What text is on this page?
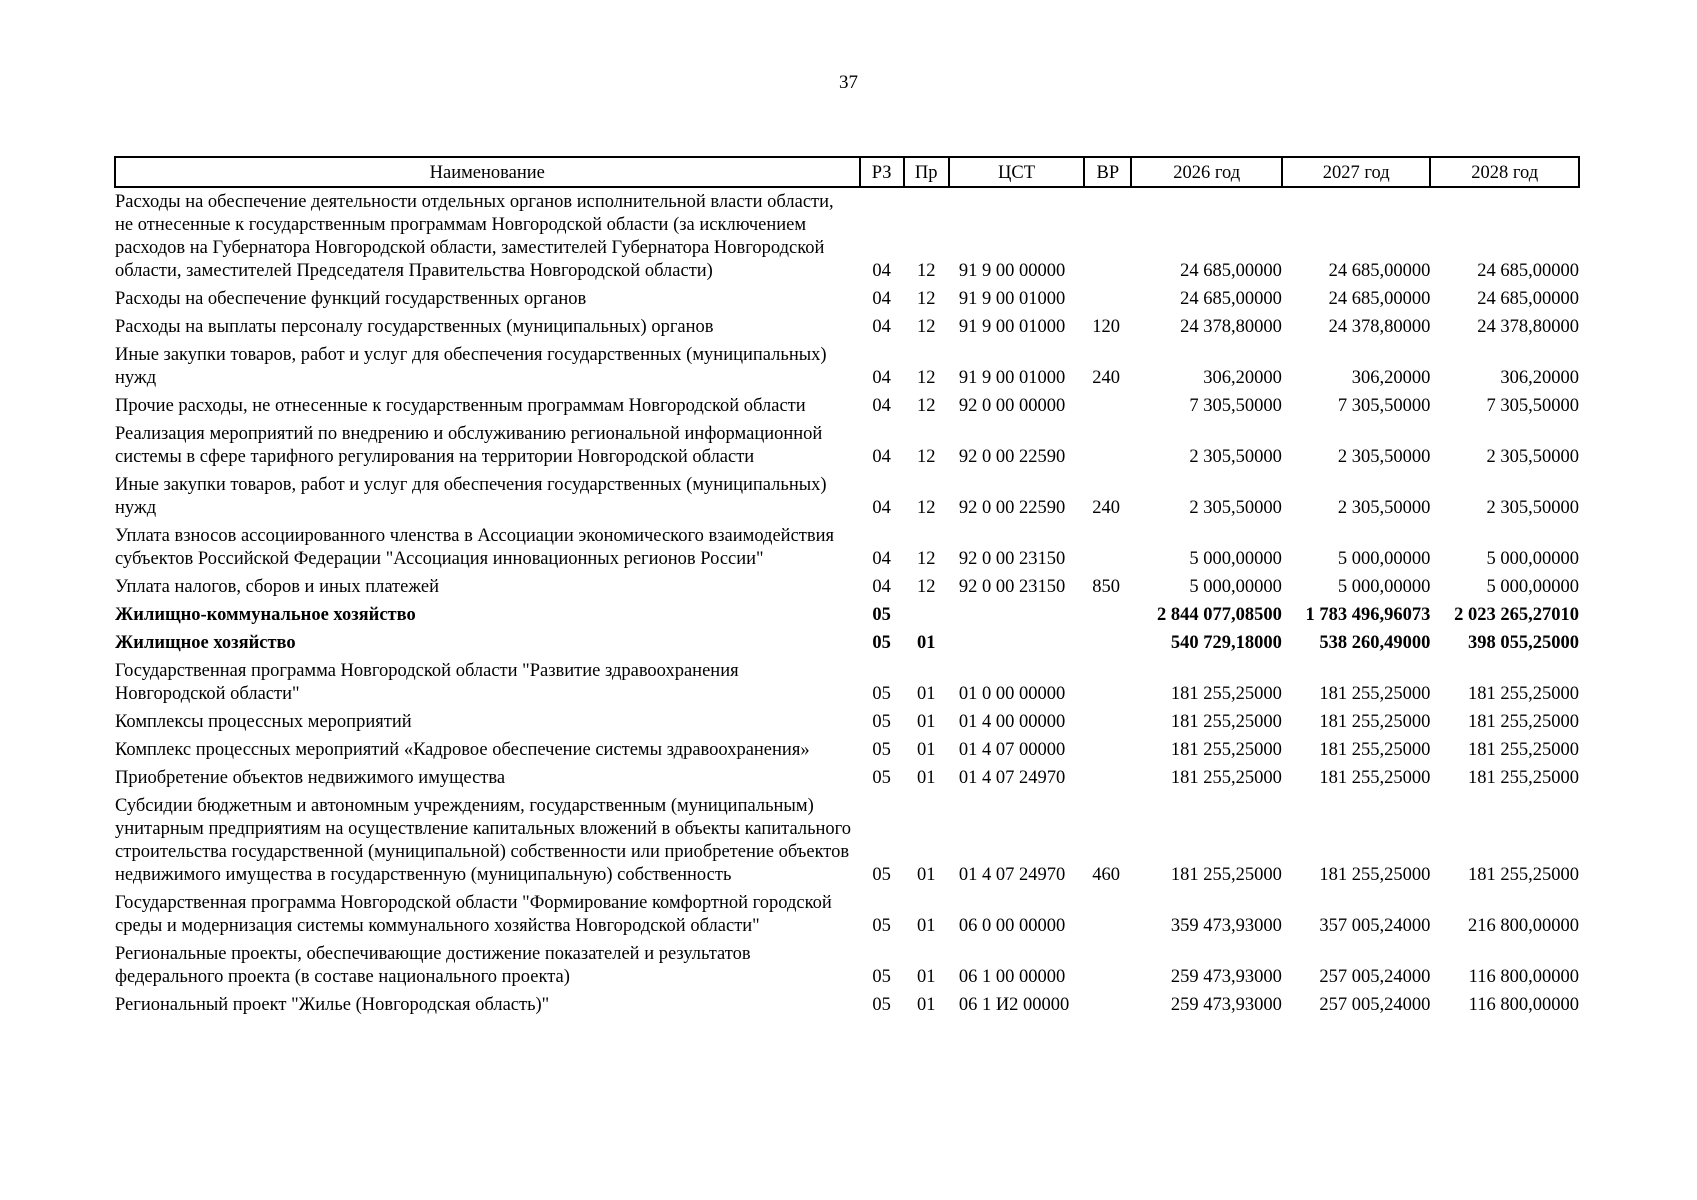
37
Наименование	РЗ	Пр	ЦСТ	ВР	2026 год	2027 год	2028 год
Расходы на обеспечение деятельности отдельных органов исполнительной власти области, не отнесенные к государственным программам Новгородской области (за исключением расходов на Губернатора Новгородской области, заместителей Губернатора Новгородской области, заместителей Председателя Правительства Новгородской области)	04	12	91 9 00 00000		24 685,00000	24 685,00000	24 685,00000
Расходы на обеспечение функций государственных органов	04	12	91 9 00 01000		24 685,00000	24 685,00000	24 685,00000
Расходы на выплаты персоналу государственных (муниципальных) органов	04	12	91 9 00 01000	120	24 378,80000	24 378,80000	24 378,80000
Иные закупки товаров, работ и услуг для обеспечения государственных (муниципальных) нужд	04	12	91 9 00 01000	240	306,20000	306,20000	306,20000
Прочие расходы, не отнесенные к государственным программам Новгородской области	04	12	92 0 00 00000		7 305,50000	7 305,50000	7 305,50000
Реализация мероприятий по внедрению и обслуживанию региональной информационной системы в сфере тарифного регулирования на территории Новгородской области	04	12	92 0 00 22590		2 305,50000	2 305,50000	2 305,50000
Иные закупки товаров, работ и услуг для обеспечения государственных (муниципальных) нужд	04	12	92 0 00 22590	240	2 305,50000	2 305,50000	2 305,50000
Уплата взносов ассоциированного членства в Ассоциации экономического взаимодействия субъектов Российской Федерации "Ассоциация инновационных регионов России"	04	12	92 0 00 23150		5 000,00000	5 000,00000	5 000,00000
Уплата налогов, сборов и иных платежей	04	12	92 0 00 23150	850	5 000,00000	5 000,00000	5 000,00000
Жилищно-коммунальное хозяйство	05				2 844 077,08500	1 783 496,96073	2 023 265,27010
Жилищное хозяйство	05	01			540 729,18000	538 260,49000	398 055,25000
Государственная программа Новгородской области "Развитие здравоохранения Новгородской области"	05	01	01 0 00 00000		181 255,25000	181 255,25000	181 255,25000
Комплексы процессных мероприятий	05	01	01 4 00 00000		181 255,25000	181 255,25000	181 255,25000
Комплекс процессных мероприятий «Кадровое обеспечение системы здравоохранения»	05	01	01 4 07 00000		181 255,25000	181 255,25000	181 255,25000
Приобретение объектов недвижимого имущества	05	01	01 4 07 24970		181 255,25000	181 255,25000	181 255,25000
Субсидии бюджетным и автономным учреждениям, государственным (муниципальным) унитарным предприятиям на осуществление капитальных вложений в объекты капитального строительства государственной (муниципальной) собственности или приобретение объектов недвижимого имущества в государственную (муниципальную) собственность	05	01	01 4 07 24970	460	181 255,25000	181 255,25000	181 255,25000
Государственная программа Новгородской области "Формирование комфортной городской среды и модернизация системы коммунального хозяйства Новгородской области"	05	01	06 0 00 00000		359 473,93000	357 005,24000	216 800,00000
Региональные проекты, обеспечивающие достижение показателей и результатов федерального проекта (в составе национального проекта)	05	01	06 1 00 00000		259 473,93000	257 005,24000	116 800,00000
Региональный проект "Жилье (Новгородская область)"	05	01	06 1 И2 00000		259 473,93000	257 005,24000	116 800,00000
